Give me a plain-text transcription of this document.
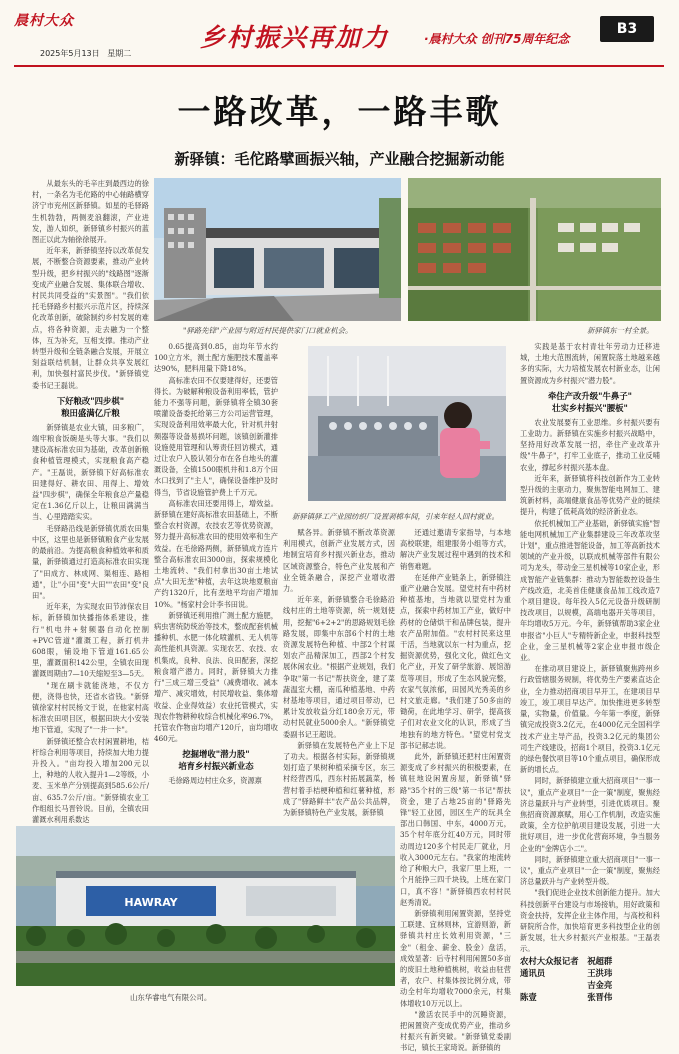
晨村大众
2025年5月13日 星期二
乡村振兴再加力	·晨村大众 创刊75周年纪念
B3
一路改革，一路丰歌
新驿镇：毛佗路擘画振兴轴，产业融合挖掘新动能
"驿路先锋"产业园与附近村民提供家门口就业机会。	新驿镇东一村全景。
新驿镇驿工产业园纺织厂设置剥棉车间，引来年轻人回村就业。
HAWRAY
山东华睿电气有限公司。

从最东头的毛辛庄到最西边的徐村，一条名为毛佗路的中心轴路横穿济宁市兖州区新驿镇。如星的毛驿路生机勃勃，两侧麦浪翻滚，产业进发，游人如织，新驿镇乡村振兴的蓝图正以此为轴徐徐展开。

近年来，新驿镇坚持以改革促发展，不断整合资源要素，推动产业转型升级，把乡村振兴的"线路图"逐渐变成产业融合发展、集体联合增收、村民共同受益的"实景图"。"我们依托毛驿路乡村振兴示范片区，持续深化改革创新，破除制约乡村发展的难点，将各种资源，走去融为一个整体，互为补充，互相支撑。推动产业转型升级和全链条融合发展，开展立刻益联结机制，让群众共享发展红利，加快强村富民步伐。"新驿镇党委书记王磊说。

下好粮改"四步棋"
粮田盛满亿斤粮

新驿镇是农业大镇，田多粮广，端牢粮食饭碗是头等大事。"我们以建设高标准农田为基础，改革创新粮食种植管理模式，实现粮食高产稳产。"王磊说，新驿镇下好高标准农田建得好、耕农田、用得上、增效益"四步棋"，确保全年粮食总产量稳定在1.36亿斤以上，让粮田满满当当、心里踏踏实实。

毛驿路沿线是新驿镇优质农田集中区，这里也是新驿镇粮食产业发展的最前沿。为提高粮食种植效率和质量，新驿镇通过打造高标准农田实现了"田成方、林成网、渠相连、路相通"，让"小田"变"大田""农田"变"良田"。

近年来，为实现农田节沛保农目标，新驿镇加快播指体系建设，推行"机电井+射频器自动化控制+PVC管道"灌溉工程，新打机井608眼，铺设地下管道161.65公里，灌溉面积142公里，全镇农田现灌溉周期由7—10天缩短至3—5天。

"现在刷卡就能浇地，不仅方便，浇得也快，还省水省钱。"新驿镇徐家村村民杨文于说，在他家村高标准农田项目区，根据田块大小安装地下管道，实现了"一井一卡"。

新驿镇还整合农村闲置耕地，桔杆综合利用等项目，持续加大地力提升投入。"亩均投入增加200元以上，种地的人收入提升1—2等级，小麦、玉米单产分别提高到585.6公斤/亩、635.7公斤/亩。"新驿镇农业工作组组长马晋铃说。目前，全镇农田灌溉水利用系数达

0.65提高到0.85，亩均年节水约100立方米，测土配方施肥技术覆盖率达90%，肥料用量下降18%。

高标准农田不仅要建得好，还要管得长。为破解种粮设备利用率低，管护能力不强等问题，新驿镇将全镇30套喷灌设备委托给第三方公司运营管理，实现设备利用效率最大化，针对机井射频器等设备易损坏问题，该镇创新灌排设施使用管理和认筹责任回访模式，通过让农户入股认领分布在各自地头的灌溉设备，全镇1500眼机井和1.8万个田水口找到了"主人"，确保设备维护及时得当，节省设施管护费上千万元。

高标准农田还要用得上，增效益。新驿镇在建好高标准农田基础上，不断整合农村资源，农技农艺等优势资源，努力提升高标准农田的使用效率和生产效益。在毛徐路两侧，新驿镇成方连片整合高标准农田3000亩，探索规模化土地流转、"我们村拿出30亩土地试点"大田无垄"种植，去年这块地夏粮亩产约1320斤，比有垄地平均亩产增加10%。"杨家村会计李书田说。

新驿镇还利用推广测土配方施肥，病虫害统防统治等技术，整成配套机械播种机、水肥一体化喷灌机、无人机等高性能机具资源。实现农艺、农技、农机集成，良种、良法、良田配套，深挖粮食增产潜力。同时，新驿镇大力推行"三成三增三受益"（减费增收、减本增产、减灾增效，村民增收益、集体增收益、企业得效益）农业托管模式，实现农作物耕种收综合机械化率96.7%，托管农作物亩均增产120斤，亩均增收460元。

挖掘增收"潜力股"
培育乡村振兴新业态

毛徐路周边村庄众多，资源禀

赋各异。新驿镇不断改革资源利用模式，创新产业发展方式，因地制宜培育乡村振兴新业态，推动区域资源整合，特色产业发展和产业全链条融合，深挖产业增收潜力。

近年来，新驿镇整合毛徐路沿线村庄的土地等资源，统一规划使用，挖掘"6+2+2"的思路规划毛徐路发展，即集中东部6个村的土地资源发展特色种植、中部2个村谋划农产品精深加工，西部2个村发展休闲农业。"根据产业规划，我们争取"第一书记"帮扶资金，建了菜蔬温室大棚，南瓜种植基地、中药材基地等项目，通过项目带动，已累计发放收益分红180余万元，带动村民就业5000余人。"新驿镇党委副书记王超说。

新驿镇在发展特色产业上下足了功夫。根据各村实际，新驿镇规划打造了果树种植采摘专区，东三村经营西瓜，西东村拓展蔬菜，杨营村着手桔梗种植和红薯种植，形成了"驿路鲜丰"农产品公共品牌，为新驿镇特色产业发展，新驿镇

还通过邀请专家指导，与本地高校联建，组建服务小组等方式，解决产业发展过程中遇到的技术和销售难题。

在延伸产业链条上，新驿镇注重产业融合发展。望党村有中药材种植基地，当地就以望党村为重点，探索中药材加工产业，做好中药材的仓储烘干和品牌包装，提升农产品附加值。"农村村民来这里干活，当地就以东一村为重点，挖掘资源优势，强化文化，做红色文化产业，开发了研学旅游、展馆游览等项目，形成了生态风貌完整，农家气氛浓郁，田园风光秀美的乡村文旅走廊。"我们建了50多亩的锄荷，在此地学习、研学，提高孩子们对农业文化的认识，形成了当地独有的地方特色。"望党村党支部书记郝志说。

此外，新驿镇还把村庄闲置资源变成了乡村振兴的积极要素，在镇驻地设闲置房屋，新驿镇"驿路"35个村的三级"第一书记"帮扶资金，建了占地25亩的"驿路先锋"轻工业园，园区生产的玩具全部出口韩国、中东，4000万元，35个村年底分红40万元，同时带动周边120多个村民走厂就业，月收入3000元左右。"我家的地流转给了种粮大户，我家厂里上班，一个月能挣三四千块钱，上班在家门口，真不容！"新驿镇西农村村民赵秀清说。

新驿镇利用闲置资源，坚持党工联建、宜林则林，宜游则游，新驿镇共村庄长效利用资源，"三金"（租金、薪金、股金）盘活，成效显著：后寺村利用闲置50多亩的废旧土地种植桃树，收益由驻营者，农户、村集体按比例分成，带动全村年均增收7000余元，村集体增收10万元以上。

"激活农民手中的沉睡资源，把闲置资产变成优势产业，推动乡村振兴有新突破。"新驿镇党委副书记，镇长王家琦说。新驿镇的

实践是基于农村青壮年劳动力迁移进城，土地大范围流转，闲置院落土地越来越多的实际，大力培植发展农村新业态，让闲置资源成为乡村振兴"潜力股"。

牵住产改升级"牛鼻子"
壮实乡村振兴"腰板"

农业发展要有工业思维。乡村振兴要有工业助力。新驿镇在实施乡村振兴战略中，坚持用好改革发展一招，牵住产业改革升级"牛鼻子"，打牢工业底子，推动工业反哺农业，撑起乡村振兴基本盘。

近年来，新驿镇将科技创新作为工业转型升级的主驱动力，聚焦智能电网加工、建筑新材料，高端健康食品等优势产业的链续提升，构建了低耗高效的经济新业态。

依托机械加工产业基础，新驿镇实施"智能电网机械加工产业集群建设三年改革攻坚计划"，重点推进智能设备，加工等高新技术领域的产业升级，以联成机械等部件有限公司为龙头，带动金三星机械等10家企业，形成智能产业链集群：推动为智能数控设备生产线改造，北美首佳健康食品加工线改造7个项目建设。每年投入5亿元设备升级研制技改项目，以规模，高端电器开关等项目，年均增收5万元。今年，新驿镇帮助3家企业申报省"小巨人"专精特新企业，申报科技型企业，金三星机械等2家企业申报市级企业。

在推动项目建设上，新驿镇聚焦跨州乡行政管辖服务规制，将优势生产要素直达企业，全力推动招商项目早开工，在建项目早竣工，竣工项目早达产。加快推进更多转型量，实物量，价值量。今年第一季度，新驿镇完成投资3.2亿元，在4000亿元全国科学技术产业主导产品，投资3.2亿元的集团公司生产线建设，招商1个项目，投资3.1亿元的绿色餐饮项目等10个重点项目，确保形成新的增长点。

同时，新驿镇建立重大招商项目"一事一议"，重点产业项目"一企一策"制度，聚焦经济总量跃升与产业转型，引进优质项目。聚焦招商资源禀赋，用心工作机制，改造实施政策，全方位护航项目建设发展，引进一大批好项目，进一步优化营商环境，争当服务企业的"金牌店小二"。

同时，新驿镇建立重大招商项目"一事一议"，重点产业项目"一企一策"制度，聚焦经济总量跃升与产业转型升级。

"我们促进企业技术创新能力提升。加大科技创新平台建设与市场接轨，用好政策和资金扶持，发挥企业主体作用，与高校和科研院所合作，加快培育更多科技型企业的创新发展，壮大乡村振兴产业根基。"王磊表示。

农村大众报记者 祝超群
通讯员	王洪玮
吉金亮
陈壹	张晋伟
